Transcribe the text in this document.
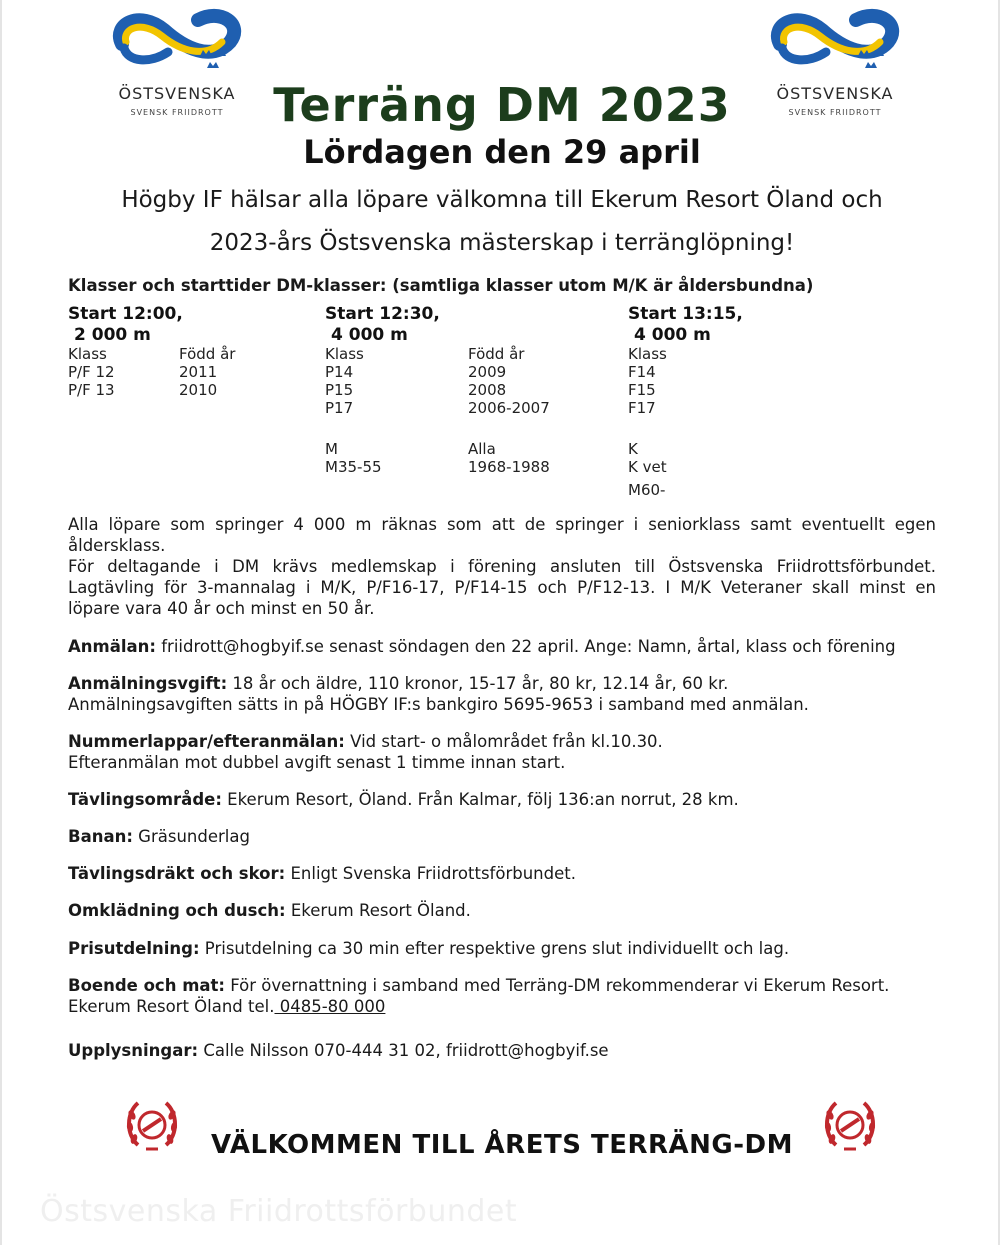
ÖSTSVENSKA
SVENSK FRIIDROTT
ÖSTSVENSKA
SVENSK FRIIDROTT
Terräng DM 2023
Lördagen den 29 april
Högby IF hälsar alla löpare välkomna till Ekerum Resort Öland och
2023-års Östsvenska mästerskap i terränglöpning!
Klasser och starttider DM-klasser: (samtliga klasser utom M/K är åldersbundna)
Start 12:00,
2 000 m
Klass	Född år
P/F 12	2011
P/F 13	2010
Start 12:30,
4 000 m
Klass	Född år
P14	2009
P15	2008
P17	2006-2007
M	Alla
M35-55	1968-1988
Start 13:15,
4 000 m
Klass
F14
F15
F17
K
K vet
M60-
Alla löpare som springer 4 000 m räknas som att de springer i seniorklass samt eventuellt egen
åldersklass.
För deltagande i DM krävs medlemskap i förening ansluten till Östsvenska Friidrottsförbundet.
Lagtävling för 3-mannalag i M/K, P/F16-17, P/F14-15 och P/F12-13. I M/K Veteraner skall minst en
löpare vara 40 år och minst en 50 år.
Anmälan: friidrott@hogbyif.se senast söndagen den 22 april. Ange: Namn, årtal, klass och förening
Anmälningsvgift: 18 år och äldre, 110 kronor, 15-17 år, 80 kr, 12.14 år, 60 kr.
Anmälningsavgiften sätts in på HÖGBY IF:s bankgiro 5695-9653 i samband med anmälan.
Nummerlappar/efteranmälan: Vid start- o målområdet från kl.10.30.
Efteranmälan mot dubbel avgift senast 1 timme innan start.
Tävlingsområde: Ekerum Resort, Öland. Från Kalmar, följ 136:an norrut, 28 km.
Banan: Gräsunderlag
Tävlingsdräkt och skor: Enligt Svenska Friidrottsförbundet.
Omklädning och dusch: Ekerum Resort Öland.
Prisutdelning: Prisutdelning ca 30 min efter respektive grens slut individuellt och lag.
Boende och mat: För övernattning i samband med Terräng-DM rekommenderar vi Ekerum Resort.
Ekerum Resort Öland tel. 0485-80 000
Upplysningar: Calle Nilsson 070-444 31 02, friidrott@hogbyif.se
VÄLKOMMEN TILL ÅRETS TERRÄNG-DM
Östsvenska Friidrottsförbundet
